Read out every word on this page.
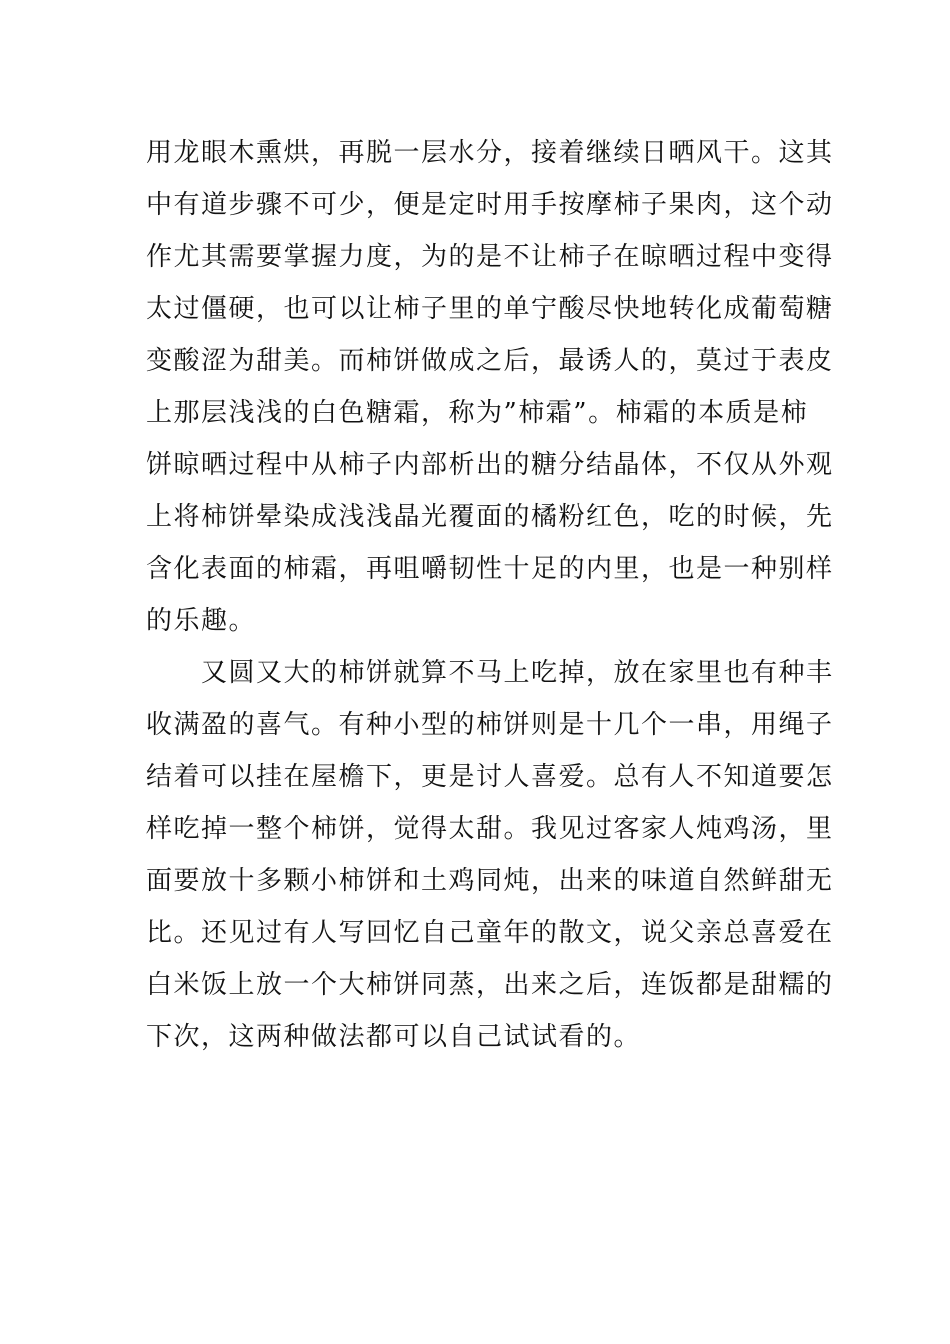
用龙眼木熏烘，再脱一层水分，接着继续日晒风干。这其
中有道步骤不可少，便是定时用手按摩柿子果肉，这个动
作尤其需要掌握力度，为的是不让柿子在晾晒过程中变得
太过僵硬，也可以让柿子里的单宁酸尽快地转化成葡萄糖
变酸涩为甜美。而柿饼做成之后，最诱人的，莫过于表皮
上那层浅浅的白色糖霜，称为”柿霜”。柿霜的本质是柿
饼晾晒过程中从柿子内部析出的糖分结晶体，不仅从外观
上将柿饼晕染成浅浅晶光覆面的橘粉红色，吃的时候，先
含化表面的柿霜，再咀嚼韧性十足的内里，也是一种别样
的乐趣。
　　又圆又大的柿饼就算不马上吃掉，放在家里也有种丰
收满盈的喜气。有种小型的柿饼则是十几个一串，用绳子
结着可以挂在屋檐下，更是讨人喜爱。总有人不知道要怎
样吃掉一整个柿饼，觉得太甜。我见过客家人炖鸡汤，里
面要放十多颗小柿饼和土鸡同炖，出来的味道自然鲜甜无
比。还见过有人写回忆自己童年的散文，说父亲总喜爱在
白米饭上放一个大柿饼同蒸，出来之后，连饭都是甜糯的
下次，这两种做法都可以自己试试看的。
